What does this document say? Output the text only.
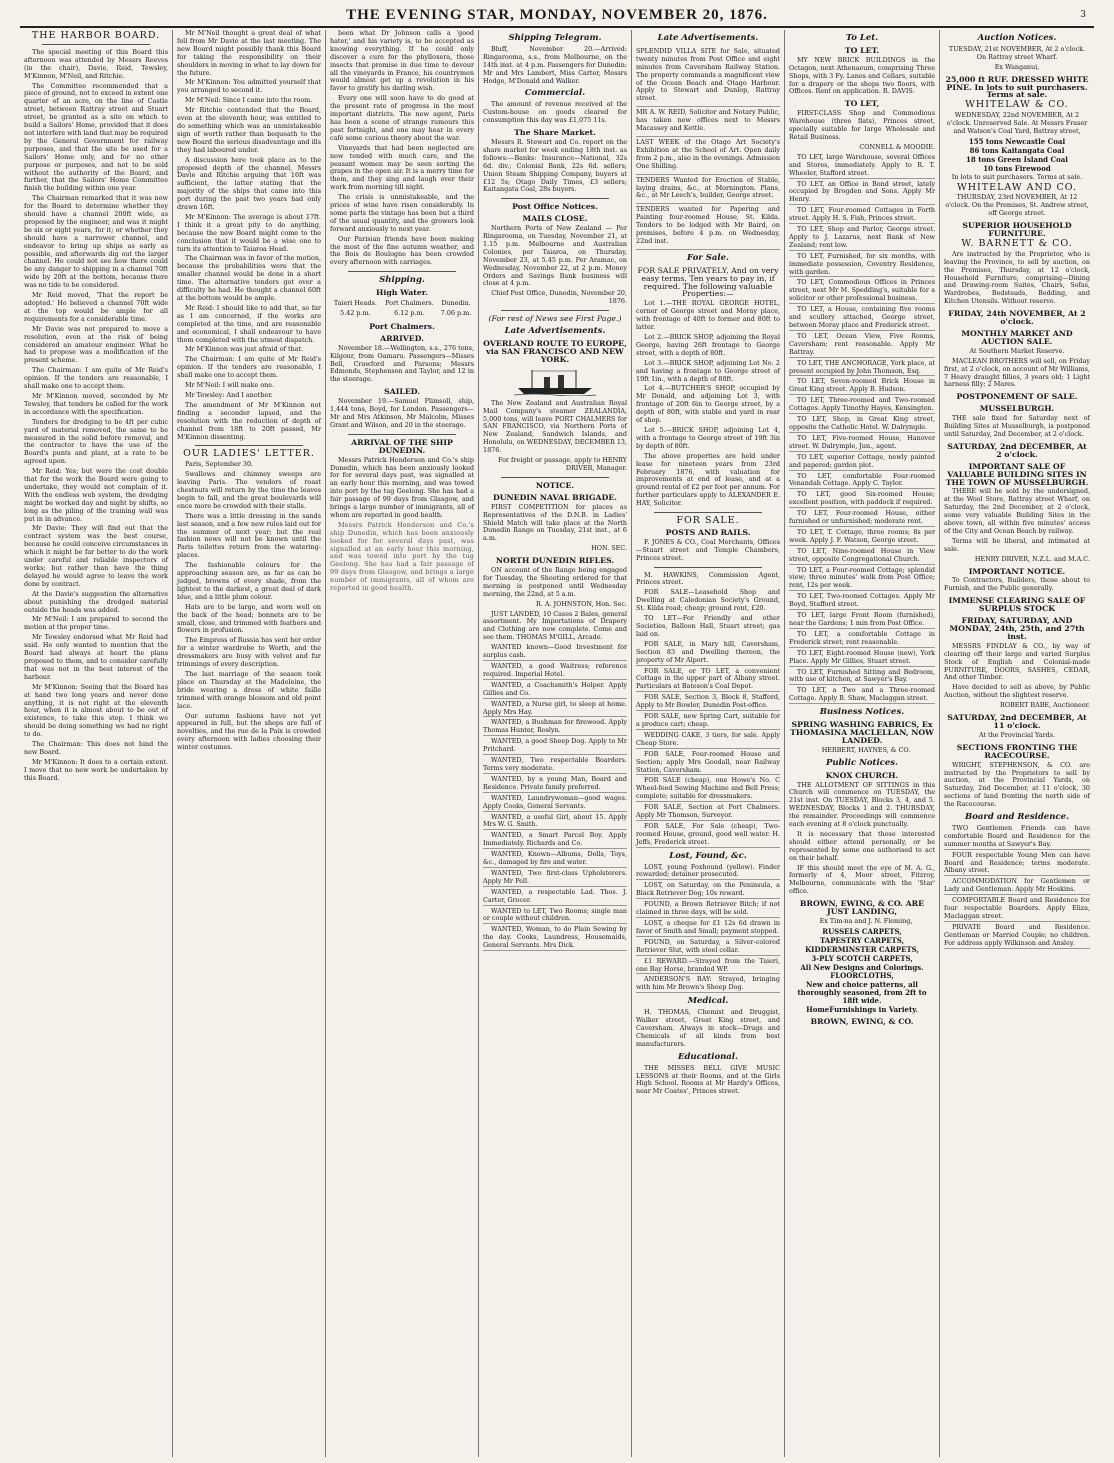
THE EVENING STAR, MONDAY, NOVEMBER 20, 1876.	3
THE HARBOR BOARD.

The special meeting of this Board this afternoon was attended by Messrs Reeves (in the chair), Davie, Reid, Tewsley, M'Kinnon, M'Neil, and Ritchie.

The Committee recommended that a piece of ground, not to exceed in extent one quarter of an acre, on the line of Castle street, between Rattray street and Stuart street, be granted as a site on which to build a Sailors' Home, provided that it does not interfere with land that may be required by the General Government for railway purposes, and that the site be used for a Sailors' Home only, and for no other purpose or purposes, and not to be sold without the authority of the Board, and further, that the Sailors' Home Committee finish the building within one year.

The Chairman remarked that it was now for the Board to determine whether they should have a channel 200ft wide, as proposed by the engineer, and was it might be six or eight years, for it; or whether they should have a narrower channel, and endeavor to bring up ships as early as possible, and afterwards dig out the larger channel. He could not see how there could be any danger to shipping in a channel 70ft wide by 20ft at the bottom, because there was no tide to be considered.

Mr Reid moved, 'That the report be adopted.' He believed a channel 70ft wide at the top would be ample for all requirements for a considerable time.

Mr Davie was not prepared to move a resolution, even at the risk of being considered an amateur engineer. What he had to propose was a modification of the present scheme.

The Chairman: I am quite of Mr Reid's opinion. If the tenders are reasonable, I shall make one to accept them.

Mr M'Kinnon moved, seconded by Mr Tewsley, that tenders be called for the work in accordance with the specification.

Tenders for dredging to be 4ft per cubic yard of material removed, the same to be measured in the solid before removal, and the contractor to have the use of the Board's punts and plant, at a rate to be agreed upon.

Mr Reid: Yes; but were the cost double that for the work the Board were going to undertake, they would not complain of it. With the endless web system, the dredging might be worked day and night by shifts, so long as the piling of the training wall was put in in advance.

Mr Davie: They will find out that the contract system was the best course, because he could conceive circumstances in which it might be far better to do the work under careful and reliable inspectors of works; but rather than have the thing delayed he would agree to leave the work done by contract.

At the Davie's suggestion the alternative about punishing the dredged material outside the heads was added.

Mr M'Neil: I am prepared to second the motion at the proper time.

Mr Tewsley endorsed what Mr Reid had said. He only wanted to mention that the Board had always at heart the plans proposed to them, and to consider carefully that was not in the best interest of the harbour.

Mr M'Kinnon: Seeing that the Board has at hand two long years and never done anything, it is not right at the eleventh hour, when it is almost about to be out of existence, to take this step. I think we should be doing something we had no right to do.

The Chairman: This does not bind the new Board.

Mr M'Kinnon: It does to a certain extent. I move that no new work be undertaken by this Board.

Mr M'Neil thought a great deal of what fell from Mr Davie at the last meeting. The new Board might possibly thank this Board for taking the responsibility on their shoulders in moving in what to lay down for the future.

Mr M'Kinnon: You admitted yourself that you arranged to second it.

Mr M'Neil: Since I came into the room.

Mr Ritchie contended that the Board, even at the eleventh hour, was entitled to do something which was an unmistakeable sign of worth rather than bequeath to the new Board the serious disadvantage and ills they had laboured under.

A discussion here took place as to the proposed depth of the channel, Messrs Davie and Ritchie arguing that 16ft was sufficient, the latter stating that the majority of the ships that came into this port during the past two years had only drawn 16ft.

Mr M'Kinnon: The average is about 17ft. I think it a great pity to do anything, because the new Board might come to the conclusion that it would be a wise one to turn its attention to Taiaroa Head.

The Chairman was in favor of the motion, because the probabilities were that the smaller channel would be done in a short time. The alternative tenders got over a difficulty he had. He thought a channel 60ft at the bottom would be ample.

Mr Reid: I should like to add that, so far as I am concerned, if the works are completed at the time, and are reasonable and economical, I shall endeavour to have them completed with the utmost dispatch.

Mr M'Kinnon was just afraid of that.

The Chairman: I am quite of Mr Reid's opinion. If the tenders are reasonable, I shall make one to accept them.

Mr M'Neil: I will make one.

Mr Tewsley: And I another.

The amendment of Mr M'Kinnon not finding a seconder lapsed, and the resolution with the reduction of depth of channel from 18ft to 20ft passed, Mr M'Kinnon dissenting.

OUR LADIES' LETTER.

Paris, September 30.

Swallows and chimney sweeps are leaving Paris. The vendors of roast chestnuts will return by the time the leaves begin to fall, and the great boulevards will once more be crowded with their stalls.

There was a little dressing in the sands last season, and a few new rules laid out for the summer of next year; but the real fashion news will not be known until the Paris toilettes return from the watering-places.

The fashionable colours for the approaching season are, as far as can be judged, browns of every shade, from the lightest to the darkest, a great deal of dark blue, and a little plum colour.

Hats are to be large, and worn well on the back of the head; bonnets are to be small, close, and trimmed with feathers and flowers in profusion.

The Empress of Russia has sent her order for a winter wardrobe to Worth, and the dressmakers are busy with velvet and fur trimmings of every description.

The last marriage of the season took place on Thursday at the Madeleine, the bride wearing a dress of white faille trimmed with orange blossom and old point lace.

Our autumn fashions have not yet appeared in full, but the shops are full of novelties, and the rue de la Paix is crowded every afternoon with ladies choosing their winter costumes.

been what Dr Johnson calls a 'good hater,' and his variety is, to be accepted as knowing everything. If he could only discover a cure for the phylloxera, those insects that promise in due time to devour all the vineyards in France, his countrymen would almost get up a revolution in his favor to gratify his darling wish.

Every one will soon have to do good at the present rate of progress in the most important districts. The new agent, Paris has been a scene of strange rumours this past fortnight, and one may hear in every café some curious theory about the war.

Vineyards that had been neglected are now tended with much care, and the peasant women may be seen sorting the grapes in the open air. It is a merry time for them, and they sing and laugh over their work from morning till night.

The crisis is unmistakeable, and the prices of wine have risen considerably. In some parts the vintage has been but a third of the usual quantity, and the growers look forward anxiously to next year.

Our Parisian friends have been making the most of the fine autumn weather, and the Bois de Boulogne has been crowded every afternoon with carriages.

Shipping.
High Water.
Taieri Heads.	Port Chalmers.	Dunedin.
5.42 p.m.	6.12 p.m.	7.06 p.m.
Port Chalmers.
ARRIVED.

November 18.—Wellington, s.s., 276 tons, Kilgour, from Oamaru. Passengers—Misses Bell, Crawford and Parsons; Messrs Edmonds, Stephenson and Taylor, and 12 in the steerage.

SAILED.

November 19.—Samuel Plimsoll, ship, 1,444 tons, Boyd, for London. Passengers—Mr and Mrs Atkinson, Mr Malcolm, Misses Grant and Wilson, and 20 in the steerage.

ARRIVAL OF THE SHIP DUNEDIN.

Messrs Patrick Henderson and Co.'s ship Dunedin, which has been anxiously looked for for several days past, was signalled at an early hour this morning, and was towed into port by the tug Geelong. She has had a fair passage of 99 days from Glasgow, and brings a large number of immigrants, all of whom are reported in good health.

Messrs Patrick Henderson and Co.'s ship Dunedin, which has been anxiously looked for for several days past, was signalled at an early hour this morning, and was towed into port by the tug Geelong. She has had a fair passage of 99 days from Glasgow, and brings a large number of immigrants, all of whom are reported in good health.

Shipping Telegram.

Bluff, November 20.—Arrived: Ringarooma, s.s., from Melbourne, on the 14th inst. at 4 p.m. Passengers for Dunedin: Mr and Mrs Lambert, Miss Carter, Messrs Hodge, M'Donald and Walker.

Commercial.

The amount of revenue received at the Custom-house on goods cleared for consumption this day was £1,075 11s.

The Share Market.

Messrs R. Stewart and Co. report on the share market for week ending 18th inst. as follows:—Banks: Insurance—National, 32s 6d. div.; Colonial Bank, 22s 6d. sellers; Union Steam Shipping Company, buyers at £12 5s; Otago Daily Times, £3 sellers; Kaitangata Coal, 28s buyers.

Post Office Notices.
MAILS CLOSE.

Northern Ports of New Zealand — Per Ringarooma, on Tuesday, November 21, at 1.15 p.m. Melbourne and Australian Colonies, per Taiaroa, on Thursday, November 23, at 5.45 p.m. Per Aramac, on Wednesday, November 22, at 2 p.m. Money Orders and Savings Bank business will close at 4 p.m.

Chief Post Office, Dunedin, November 20, 1876.

(For rest of News see First Page.)
Late Advertisements.
OVERLAND ROUTE TO EUROPE, via SAN FRANCISCO AND NEW YORK.

The New Zealand and Australian Royal Mail Company's steamer ZEALANDIA, 5,000 tons, will leave PORT CHALMERS for SAN FRANCISCO, via Northern Ports of New Zealand, Sandwich Islands, and Honolulu, on WEDNESDAY, DECEMBER 13, 1876.

For freight or passage, apply to HENRY DRIVER, Manager.

NOTICE.
DUNEDIN NAVAL BRIGADE.

FIRST COMPETITION for places as Representatives of the D.N.B. in Ladies' Shield Match will take place at the North Dunedin Range on Tuesday, 21st inst., at 6 a.m.

HON. SEC.

NORTH DUNEDIN RIFLES.

ON account of the Range being engaged for Tuesday, the Shooting ordered for that morning is postponed until Wednesday morning, the 22nd, at 5 a.m.

R. A. JOHNSTON, Hon. Sec.

JUST LANDED, 10 Cases 2 Bales, general assortment. My Importations of Drapery and Clothing are now complete. Come and see them. THOMAS M'GILL, Arcade.

WANTED known—Good Investment for surplus cash.

WANTED, a good Waitress; reference required. Imperial Hotel.

WANTED, a Coachsmith's Helper. Apply Gillies and Co.

WANTED, a Nurse girl, to sleep at home. Apply Mrs Hay.

WANTED, a Bushman for firewood. Apply Thomas Hunter, Roslyn.

WANTED, a good Sheep Dog. Apply to Mr Pritchard.

WANTED, Two respectable Boarders. Terms very moderate.

WANTED, by a young Man, Board and Residence. Private family preferred.

WANTED, Laundrywoman—good wages. Apply Cooks, General Servants.

WANTED, a useful Girl, about 15. Apply Mrs W. G. Smith.

WANTED, a Smart Parcel Boy. Apply Immediately. Richards and Co.

WANTED, Known—Albums, Dolls, Toys, &c., damaged by fire and water.

WANTED, Two first-class Upholsterers. Apply Mr Pell.

WANTED, a respectable Lad. Thos. J. Carter, Grocer.

WANTED to LET, Two Rooms; single man or couple without children.

WANTED, Woman, to do Plain Sewing by the day. Cooks, Laundress, Housemaids, General Servants. Mrs Dick.

Late Advertisements.
SPLENDID VILLA SITE for Sale, situated twenty minutes from Post Office and eight minutes from Caversham Railway Station. The property commands a magnificent view of the Ocean Beach and Otago Harbour. Apply to Stewart and Dunlop, Rattray street.
MR A. W. REID, Solicitor and Notary Public, has taken new offices next to Messrs Macassey and Kettle.
LAST WEEK of the Otago Art Society's Exhibition at the School of Art. Open daily from 2 p.m., also in the evenings. Admission One Shilling.
TENDERS Wanted for Erection of Stable, laying drains, &c., at Mornington. Plans, &c., at Mr Leech's, builder, George street.
TENDERS wanted for Papering and Painting four-roomed House, St. Kilda. Tenders to be lodged with Mr Baird, on premises, before 4 p.m. on Wednesday, 22nd inst.
For Sale.
FOR SALE PRIVATELY, And on very easy terms, Ten years to pay in, if required. The following valuable Properties:—

Lot 1.—THE ROYAL GEORGE HOTEL, corner of George street and Moray place, with frontage of 40ft to former and 80ft to latter.

Lot 2.—BRICK SHOP, adjoining the Royal George, having 26ft frontage to George street, with a depth of 80ft.

Lot 3.—BRICK SHOP, adjoining Lot No. 2 and having a frontage to George street of 19ft 1in., with a depth of 80ft.

Lot 4.—BUTCHER'S SHOP, occupied by Mr Donald, and adjoining Lot 3, with frontage of 20ft 6in to George street, by a depth of 80ft, with stable and yard in rear of shop.

Lot 5.—BRICK SHOP, adjoining Lot 4, with a frontage to George street of 19ft 3in by depth of 80ft.

The above properties are held under lease for nineteen years from 23rd February 1876, with valuation for improvements at end of lease, and at a ground rental of £2 per foot per annum. For further particulars apply to ALEXANDER E. HAY, Solicitor.

FOR SALE.
POSTS AND RAILS.

F. JONES & CO., Coal Merchants, Offices—Stuart street and Temple Chambers, Princes street.

M. HAWKINS, Commission Agent, Princes street.

FOR SALE—Leasehold Shop and Dwelling at Caledonian Society's Ground, St. Kilda road; cheap; ground rent, £20.

TO LET—For Friendly and other Societies, Balloon Hall, Stuart street; gas laid on.

FOR SALE, in Mary hill, Caversham, Section 83 and Dwelling thereon, the property of Mr Alport.

FOR SALE, or TO LET, a convenient Cottage in the upper part of Albany street. Particulars at Bateson's Coal Depot.

FOR SALE, Section 3, Block 8, Stafford, Apply to Mr Bowler, Dunedin Post-office.

FOR SALE, new Spring Cart, suitable for a produce cart; cheap.

WEDDING CAKE, 3 tiers, for sale. Apply Cheap Store.

FOR SALE, Four-roomed House and Section; apply Mrs Goodall, near Railway Station, Caversham.

FOR SALE (cheap), one Howe's No. C Wheel-feed Sewing Machine and Bell Press; complete; suitable for dressmakers.

FOR SALE, Section at Port Chalmers. Apply Mr Thomson, Surveyor.

FOR SALE, For Sale (cheap), Two-roomed House, ground, good well water. H. Jeffs, Frederick street.

Lost, Found, &c.

LOST, young Foxhound (yellow). Finder rewarded; detainer prosecuted.

LOST, on Saturday, on the Peninsula, a Black Retriever Dog; 10s reward.

FOUND, a Brown Retriever Bitch; if not claimed in three days, will be sold.

LOST, a cheque for £1 12s 6d drawn in favor of Smith and Small; payment stopped.

FOUND, on Saturday, a Silver-colored Retriever Slut, with steel collar.

£1 REWARD.—Strayed from the Taieri, one Bay Horse, branded WP.

ANDERSON'S BAY: Strayed, bringing with him Mr Brown's Sheep Dog.

Medical.

H. THOMAS, Chemist and Druggist, Walker street, Great King street, and Caversham. Always in stock—Drugs and Chemicals of all kinds from best manufacturers.

Educational.

THE MISSES BELL GIVE MUSIC LESSONS at their Rooms, and at the Girls High School. Rooms at Mr Hardy's Offices, near Mr Coates', Princes street.

To Let.
TO LET.

MY NEW BRICK BUILDINGS in the Octagon, next Athenaeum, comprising Three Shops, with 3 Fy. Lanes and Cellars, suitable for a drapery or the shops two floors, with Offices. Rent on application. R. DAVIS.

TO LET,

FIRST-CLASS Shop and Commodious Warehouse (three flats), Princes street, specially suitable for large Wholesale and Retail Business.

CONNELL & MOODIE.

TO LET, large Warehouse, several Offices and Stores, immediately. Apply to R. T. Wheeler, Stafford street.

TO LET, an Office in Bond street, lately occupied by Brogden and Sons. Apply Mr Henry.

TO LET, Four-roomed Cottages in Forth street. Apply H. S. Fish, Princes street.

TO LET, Shop and Parlor, George street. Apply to J. Lazarus, next Bank of New Zealand; rent low.

TO LET, Furnished, for six months, with immediate possession, Coventry Residence, with garden.

TO LET, Commodious Offices in Princes street, next Mr M. Spedding's, suitable for a solicitor or other professional business.

TO LET, a House, containing five rooms and scullery attached, George street, between Moray place and Frederick street.

TO LET, Ocean View, Five Rooms, Caversham; rent reasonable. Apply Mr Rattray.

TO LET, THE ANCHORAGE, York place, at present occupied by John Thomson, Esq.

TO LET, Seven-roomed Brick House in Great King street. Apply B. Hudson.

TO LET, Three-roomed and Two-roomed Cottages. Apply Timothy Hayes, Kensington.

TO LET, Shop, in Great King street, opposite the Catholic Hotel. W. Dalrymple.

TO LET, Five-roomed House, Hanover street. W. Dalrymple, Jun., agent.

TO LET, superior Cottage, newly painted and papered; garden plot.

TO LET, comfortable Four-roomed Venandah Cottage. Apply C. Taylor.

TO LET, good Six-roomed House; excellent position, with paddock if required.

TO LET, Four-roomed House, either furnished or unfurnished; moderate rent.

TO LET, T. Cottage, three rooms; 8s per week. Apply J. F. Watson, George street.

TO LET, Nine-roomed House in View street, opposite Congregational Church.

TO LET, a Four-roomed Cottage; splendid view; three minutes' walk from Post Office; rent, 12s per week.

TO LET, Two-roomed Cottages. Apply Mr Boyd, Stafford street.

TO LET, large Front Room (furnished), near the Gardens; 1 min from Post Office.

TO LET, a comfortable Cottage in Frederick street; rent reasonable.

TO LET, Eight-roomed House (new), York Place. Apply Mr Gillies, Stuart street.

TO LET, Furnished Sitting and Bedroom, with use of kitchen, at Sawyer's Bay.

TO LET, a Two and a Three-roomed Cottage. Apply B. Shaw, Maclaggan street.

Business Notices.
SPRING WASHING FABRICS, Ex THOMASINA MACLELLAN, NOW LANDED.

HERBERT, HAYNES, & CO.

Public Notices.
KNOX CHURCH.

THE ALLOTMENT OF SITTINGS in this Church will commence on TUESDAY, the 21st inst. On TUESDAY, Blocks 3, 4, and 5. WEDNESDAY, Blocks 1 and 2. THURSDAY, the remainder. Proceedings will commence each evening at 8 o'clock punctually.

It is necessary that those interested should either attend personally, or be represented by some one authorised to act on their behalf.

IF this should meet the eye of M. A. G., formerly of 4, Moor street, Fitzroy, Melbourne, communicate with the 'Star' office.

BROWN, EWING, & CO. ARE JUST LANDING,

Ex Tim-na and J. N. Fleming,

RUSSELS CARPETS,
TAPESTRY CARPETS,
KIDDERMINSTER CARPETS,
3-PLY SCOTCH CARPETS,
All New Designs and Colorings.
FLOORCLOTHS,
New and choice patterns, all thoroughly seasoned, from 2ft to 18ft wide.
HomeFurnishings in Variety.
BROWN, EWING, & CO.
Auction Notices.

TUESDAY, 21st NOVEMBER, At 2 o'clock. On Rattray street Wharf.

Ex Wanganui,

25,000 ft RUF. DRESSED WHITE PINE. In lots to suit purchasers. Terms at sale.
WHITELAW & CO.

WEDNESDAY, 22nd NOVEMBER, At 2 o'clock. Unreserved Sale. At Messrs Fraser and Watson's Coal Yard, Battray street,

155 tons Newcastle Coal
86 tons Kaitangata Coal
18 tons Green Island Coal
10 tons Firewood

In lots to suit purchasers. Terms at sale.

WHITELAW AND CO.

THURSDAY, 23rd NOVEMBER, At 12 o'clock. On the Premises, St. Andrew street, off George street.

SUPERIOR HOUSEHOLD FURNITURE.
W. BARNETT & CO.

Are instructed by the Proprietor, who is leaving the Province, to sell by auction, on the Premises, Thursday, at 12 o'clock, Household Furniture, comprising—Dining and Drawing-room Suites, Chairs, Sofas, Wardrobes, Bedsteads, Bedding, and Kitchen Utensils. Without reserve.

FRIDAY, 24th NOVEMBER, At 2 o'clock.
MONTHLY MARKET AND AUCTION SALE.

At Southern Market Reserve.

MACLEAN BROTHERS will sell, on Friday first, at 2 o'clock, on account of Mr Williams, 7 Heavy draught fillies, 3 years old; 1 Light harness filly; 2 Mares.

POSTPONEMENT OF SALE.
MUSSELBURGH.

THE sale fixed for Saturday next of Building Sites at Musselburgh, is postponed until Saturday, 2nd December, at 2 o'clock.

SATURDAY, 2nd DECEMBER, At 2 o'clock.
IMPORTANT SALE OF VALUABLE BUILDING SITES IN THE TOWN OF MUSSELBURGH.

THERE will be sold by the undersigned, at the Wool Store, Rattray street Wharf, on Saturday, the 2nd December, at 2 o'clock, some very valuable Building Sites in the above town, all within five minutes' access of the City and Ocean Beach by railway.

Terms will be liberal, and intimated at sale.

HENRY DRIVER, N.Z.L. and M.A.C.

IMPORTANT NOTICE.

To Contractors, Builders, those about to Furnish, and the Public generally.

IMMENSE CLEARING SALE OF SURPLUS STOCK
FRIDAY, SATURDAY, AND MONDAY, 24th, 25th, and 27th inst.

MESSRS FINDLAY & CO., by way of clearing off their large and varied Surplus Stock of English and Colonial-made FURNITURE, DOORS, SASHES, CEDAR, And other Timber.

Have decided to sell as above, by Public Auction, without the slightest reserve.

ROBERT BABE, Auctioneer.

SATURDAY, 2nd DECEMBER, At 11 o'clock.

At the Provincial Yards.

SECTIONS FRONTING THE RACECOURSE.

WRIGHT, STEPHENSON, & CO. are instructed by the Proprietors to sell by auction, at the Provincial Yards, on Saturday, 2nd December, at 11 o'clock, 30 sections of land fronting the north side of the Racecourse.

Board and Residence.

TWO Gentlemen Friends can have comfortable Board and Residence for the summer months at Sawyer's Bay.

FOUR respectable Young Men can have Board and Residence; terms moderate. Albany street.

ACCOMMODATION for Gentlemen or Lady and Gentleman. Apply Mr Hoskins.

COMFORTABLE Board and Residence for four respectable Boarders. Apply Eliza, Maclaggan street.

PRIVATE Board and Residence. Gentleman or Married Couple; no children. For address apply Wilkinson and Ansley.
